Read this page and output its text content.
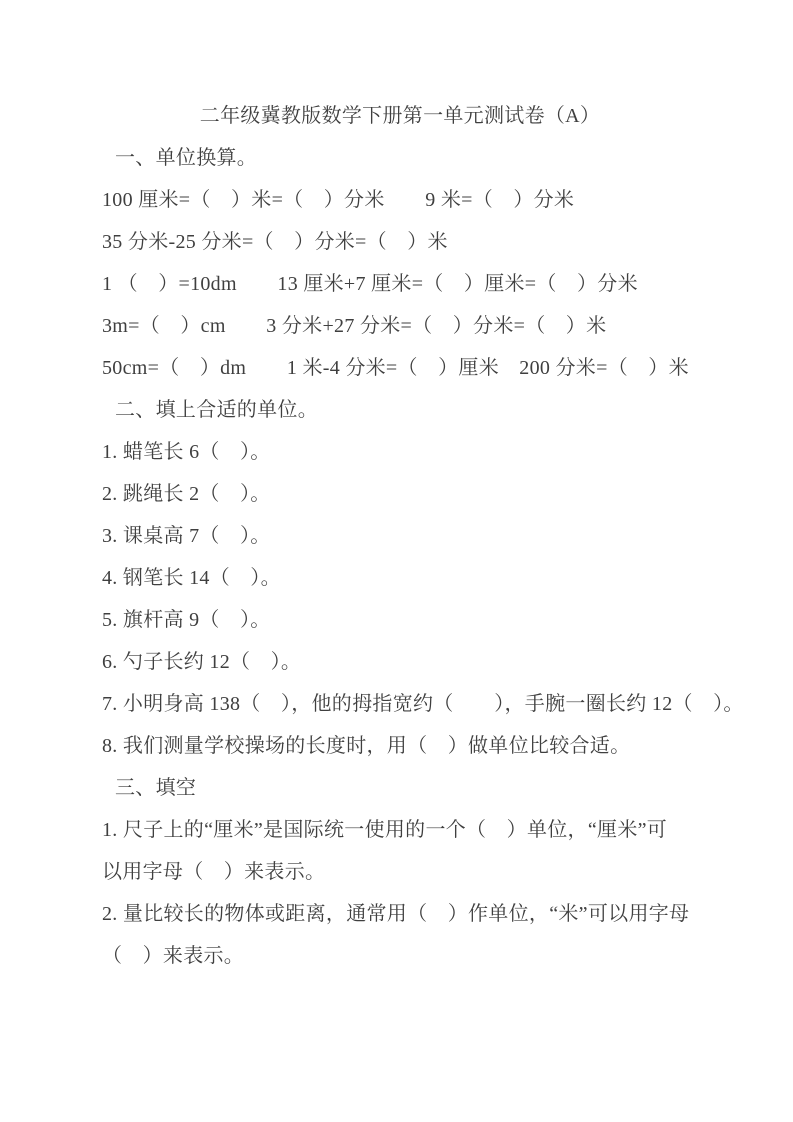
二年级冀教版数学下册第一单元测试卷（A）
一、单位换算。
100 厘米=（　）米=（　）分米　　9 米=（　）分米
35 分米-25 分米=（　）分米=（　）米
1 （　）=10dm　　13 厘米+7 厘米=（　）厘米=（　）分米
3m=（　）cm　　3 分米+27 分米=（　）分米=（　）米
50cm=（　）dm　　1 米-4 分米=（　）厘米　200 分米=（　）米
二、填上合适的单位。
1. 蜡笔长 6（　）。
2. 跳绳长 2（　）。
3. 课桌高 7（　）。
4. 钢笔长 14（　）。
5. 旗杆高 9（　）。
6. 勺子长约 12（　）。
7. 小明身高 138（　），他的拇指宽约（　　），手腕一圈长约 12（　）。
8. 我们测量学校操场的长度时，用（　）做单位比较合适。
三、填空
1. 尺子上的“厘米”是国际统一使用的一个（　）单位，“厘米”可
以用字母（　）来表示。
2. 量比较长的物体或距离，通常用（　）作单位，“米”可以用字母
（　）来表示。
